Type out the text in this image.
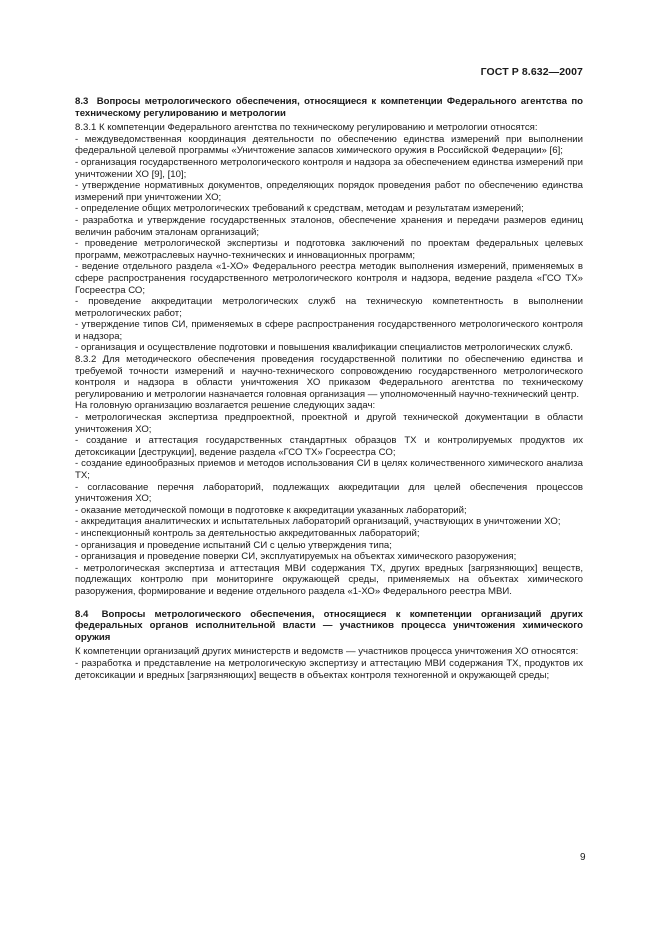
ГОСТ Р 8.632—2007
8.3 Вопросы метрологического обеспечения, относящиеся к компетенции Федерального агентства по техническому регулированию и метрологии

8.3.1 К компетенции Федерального агентства по техническому регулированию и метрологии относятся:

- междуведомственная координация деятельности по обеспечению единства измерений при выполнении федеральной целевой программы «Уничтожение запасов химического оружия в Российской Федерации» [6];

- организация государственного метрологического контроля и надзора за обеспечением единства измерений при уничтожении ХО [9], [10];

- утверждение нормативных документов, определяющих порядок проведения работ по обеспечению единства измерений при уничтожении ХО;

- определение общих метрологических требований к средствам, методам и результатам измерений;

- разработка и утверждение государственных эталонов, обеспечение хранения и передачи размеров единиц величин рабочим эталонам организаций;

- проведение метрологической экспертизы и подготовка заключений по проектам федеральных целевых программ, межотраслевых научно-технических и инновационных программ;

- ведение отдельного раздела «1-ХО» Федерального реестра методик выполнения измерений, применяемых в сфере распространения государственного метрологического контроля и надзора, ведение раздела «ГСО ТХ» Госреестра СО;

- проведение аккредитации метрологических служб на техническую компетентность в выполнении метрологических работ;

- утверждение типов СИ, применяемых в сфере распространения государственного метрологического контроля и надзора;

- организация и осуществление подготовки и повышения квалификации специалистов метрологических служб.

8.3.2 Для методического обеспечения проведения государственной политики по обеспечению единства и требуемой точности измерений и научно-технического сопровождению государственного метрологического контроля и надзора в области уничтожения ХО приказом Федерального агентства по техническому регулированию и метрологии назначается головная организация — уполномоченный научно-технический центр.

На головную организацию возлагается решение следующих задач:

- метрологическая экспертиза предпроектной, проектной и другой технической документации в области уничтожения ХО;

- создание и аттестация государственных стандартных образцов ТХ и контролируемых продуктов их детоксикации [деструкции], ведение раздела «ГСО ТХ» Госреестра СО;

- создание единообразных приемов и методов использования СИ в целях количественного химического анализа ТХ;

- согласование перечня лабораторий, подлежащих аккредитации для целей обеспечения процессов уничтожения ХО;

- оказание методической помощи в подготовке к аккредитации указанных лабораторий;

- аккредитация аналитических и испытательных лабораторий организаций, участвующих в уничтожении ХО;

- инспекционный контроль за деятельностью аккредитованных лабораторий;

- организация и проведение испытаний СИ с целью утверждения типа;

- организация и проведение поверки СИ, эксплуатируемых на объектах химического разоружения;

- метрологическая экспертиза и аттестация МВИ содержания ТХ, других вредных [загрязняющих] веществ, подлежащих контролю при мониторинге окружающей среды, применяемых на объектах химического разоружения, формирование и ведение отдельного раздела «1-ХО» Федерального реестра МВИ.

8.4 Вопросы метрологического обеспечения, относящиеся к компетенции организаций других федеральных органов исполнительной власти — участников процесса уничтожения химического оружия

К компетенции организаций других министерств и ведомств — участников процесса уничтожения ХО относятся:

- разработка и представление на метрологическую экспертизу и аттестацию МВИ содержания ТХ, продуктов их детоксикации и вредных [загрязняющих] веществ в объектах контроля техногенной и окружающей среды;

9
